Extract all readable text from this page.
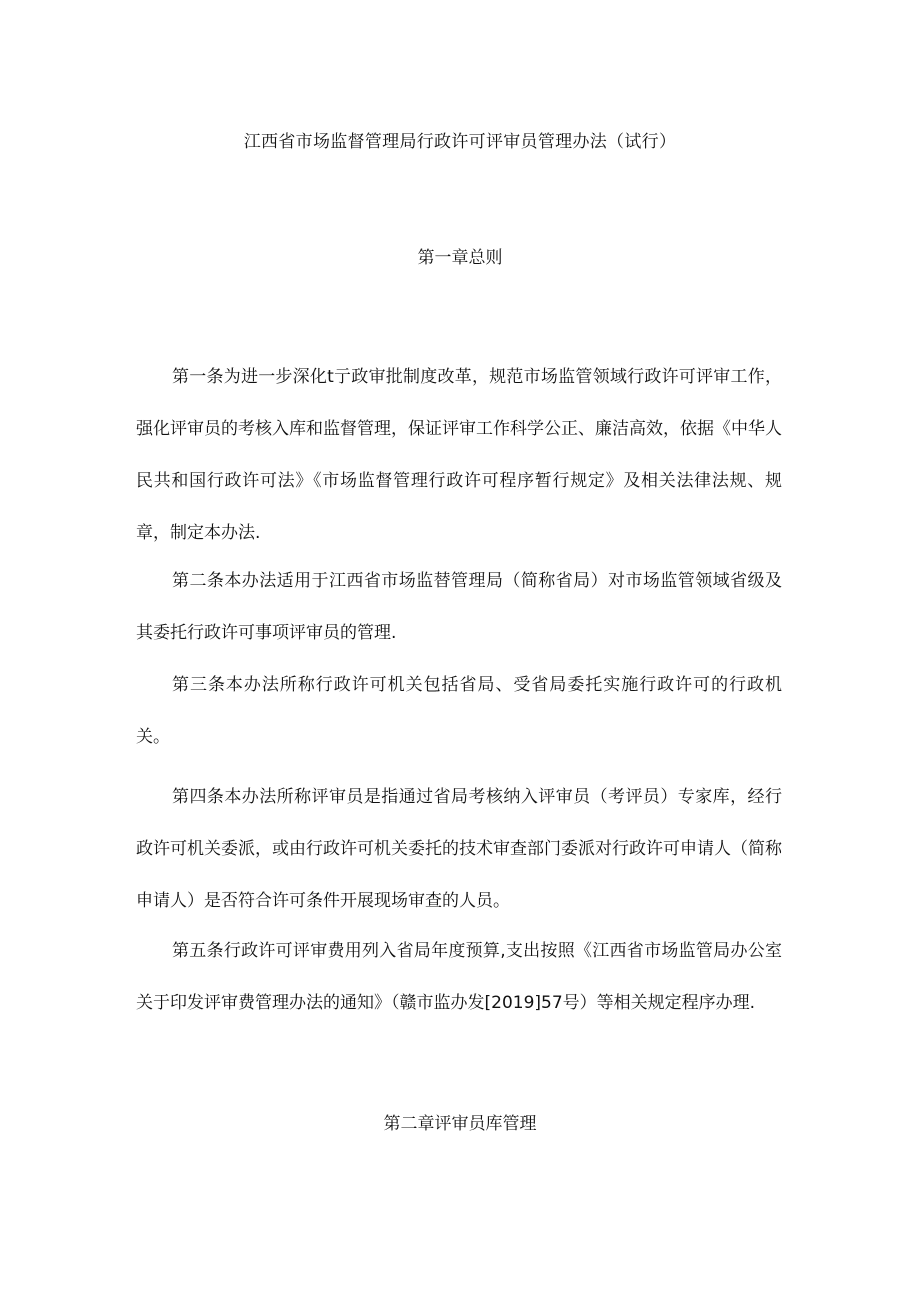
江西省市场监督管理局行政许可评审员管理办法（试行）
第一章总则

第一条为进一步深化t亍政审批制度改革，规范市场监管领域行政许可评审工作，强化评审员的考核入库和监督管理，保证评审工作科学公正、廉洁高效，依据《中华人民共和国行政许可法》《市场监督管理行政许可程序暂行规定》及相关法律法规、规章，制定本办法.

第二条本办法适用于江西省市场监替管理局（简称省局）对市场监管领域省级及其委托行政许可事项评审员的管理.

第三条本办法所称行政许可机关包括省局、受省局委托实施行政许可的行政机关。

第四条本办法所称评审员是指通过省局考核纳入评审员（考评员）专家库，经行政许可机关委派，或由行政许可机关委托的技术审查部门委派对行政许可申请人（简称申请人）是否符合许可条件开展现场审查的人员。

第五条行政许可评审费用列入省局年度预算,支出按照《江西省市场监管局办公室关于印发评审费管理办法的通知》（赣市监办发[2019]57号）等相关规定程序办理.

第二章评审员库管理
